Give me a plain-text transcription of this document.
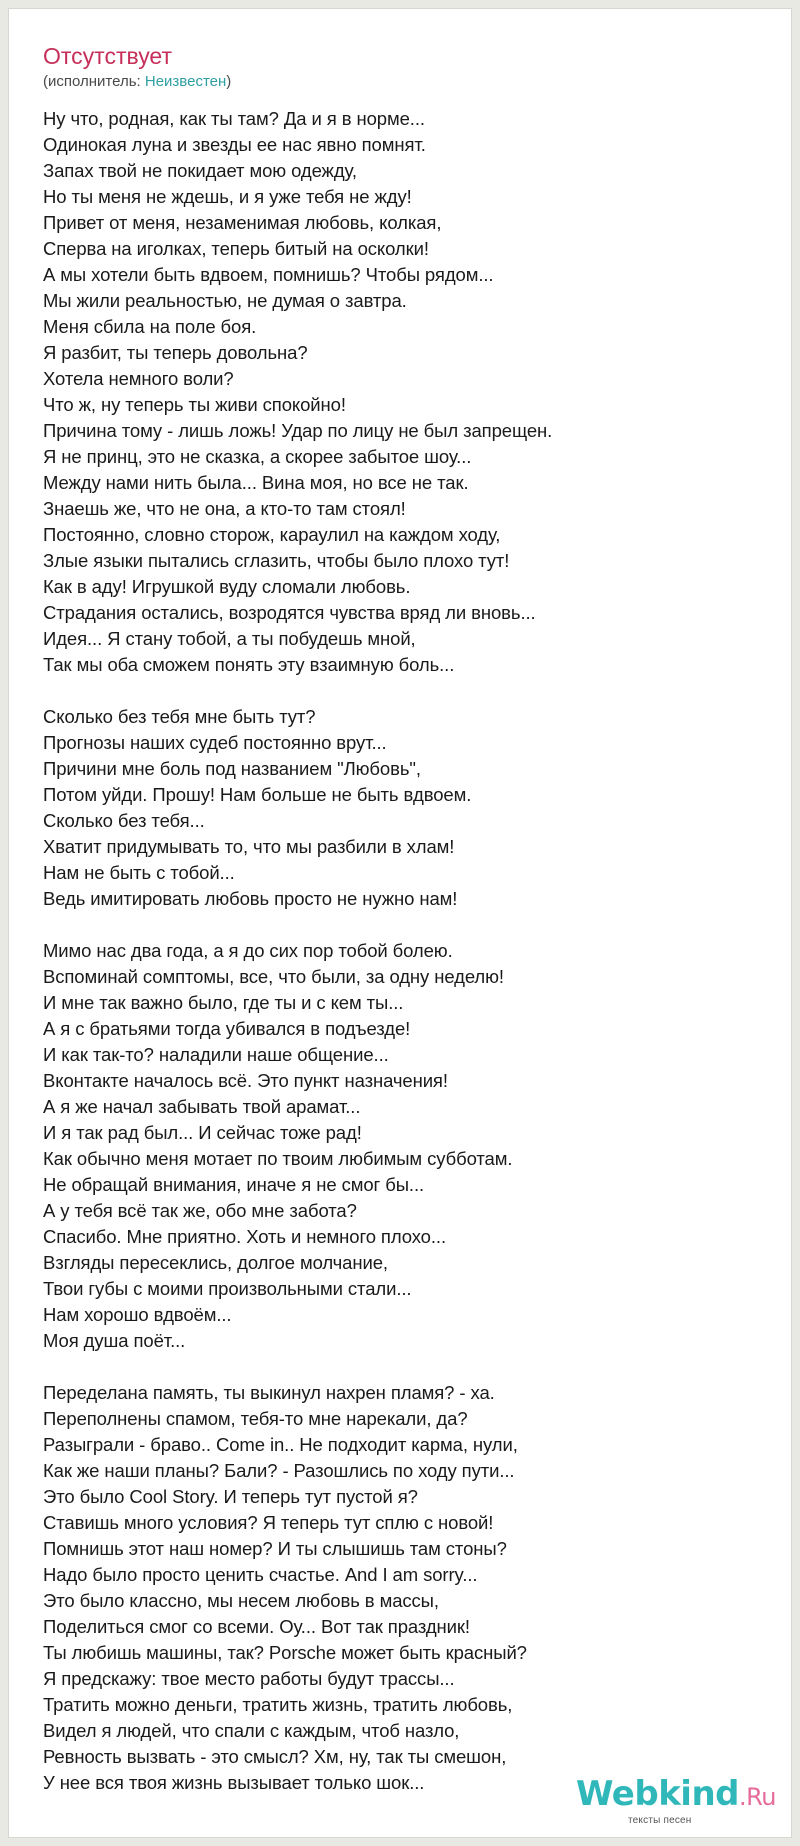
Отсутствует
(исполнитель: Неизвестен)
Ну что, родная, как ты там? Да и я в норме...
Одинокая луна и звезды ее нас явно помнят.
Запах твой не покидает мою одежду,
Но ты меня не ждешь, и я уже тебя не жду!
Привет от меня, незаменимая любовь, колкая,
Сперва на иголках, теперь битый на осколки!
А мы хотели быть вдвоем, помнишь? Чтобы рядом...
Мы жили реальностью, не думая о завтра.
Меня сбила на поле боя.
Я разбит, ты теперь довольна?
Хотела немного воли?
Что ж, ну теперь ты живи спокойно!
Причина тому - лишь ложь! Удар по лицу не был запрещен.
Я не принц, это не сказка, а скорее забытое шоу...
Между нами нить была... Вина моя, но все не так.
Знаешь же, что не она, а кто-то там стоял!
Постоянно, словно сторож, караулил на каждом ходу,
Злые языки пытались сглазить, чтобы было плохо тут!
Как в аду! Игрушкой вуду сломали любовь.
Страдания остались, возродятся чувства вряд ли вновь...
Идея... Я стану тобой, а ты побудешь мной,
Так мы оба сможем понять эту взаимную боль...
Сколько без тебя мне быть тут?
Прогнозы наших судеб постоянно врут...
Причини мне боль под названием "Любовь",
Потом уйди. Прошу! Нам больше не быть вдвоем.
Сколько без тебя...
Хватит придумывать то, что мы разбили в хлам!
Нам не быть с тобой...
Ведь имитировать любовь просто не нужно нам!
Мимо нас два года, а я до сих пор тобой болею.
Вспоминай сомптомы, все, что были, за одну неделю!
И мне так важно было, где ты и с кем ты...
А я с братьями тогда убивался в подъезде!
И как так-то? наладили наше общение...
Вконтакте началось всё. Это пункт назначения!
А я же начал забывать твой арамат...
И я так рад был... И сейчас тоже рад!
Как обычно меня мотает по твоим любимым субботам.
Не обращай внимания, иначе я не смог бы...
А у тебя всё так же, обо мне забота?
Спасибо. Мне приятно. Хоть и немного плохо...
Взгляды пересеклись, долгое молчание,
Твои губы с моими произвольными стали...
Нам хорошо вдвоём...
Моя душа поёт...
Переделана память, ты выкинул нахрен пламя? - ха.
Переполнены спамом, тебя-то мне нарекали, да?
Разыграли - браво.. Come in.. Не подходит карма, нули,
Как же наши планы? Бали? - Разошлись по ходу пути...
Это было Cool Story. И теперь тут пустой я?
Ставишь много условия? Я теперь тут сплю с новой!
Помнишь этот наш номер? И ты слышишь там стоны?
Надо было просто ценить счастье. And I am sorry...
Это было классно, мы несем любовь в массы,
Поделиться смог со всеми. Оу... Вот так праздник!
Ты любишь машины, так? Porsche может быть красный?
Я предскажу: твое место работы будут трассы...
Тратить можно деньги, тратить жизнь, тратить любовь,
Видел я людей, что спали с каждым, чтоб назло,
Ревность вызвать - это смысл? Хм, ну, так ты смешон,
У нее вся твоя жизнь вызывает только шок...	Webkind.Ru
тексты песен
